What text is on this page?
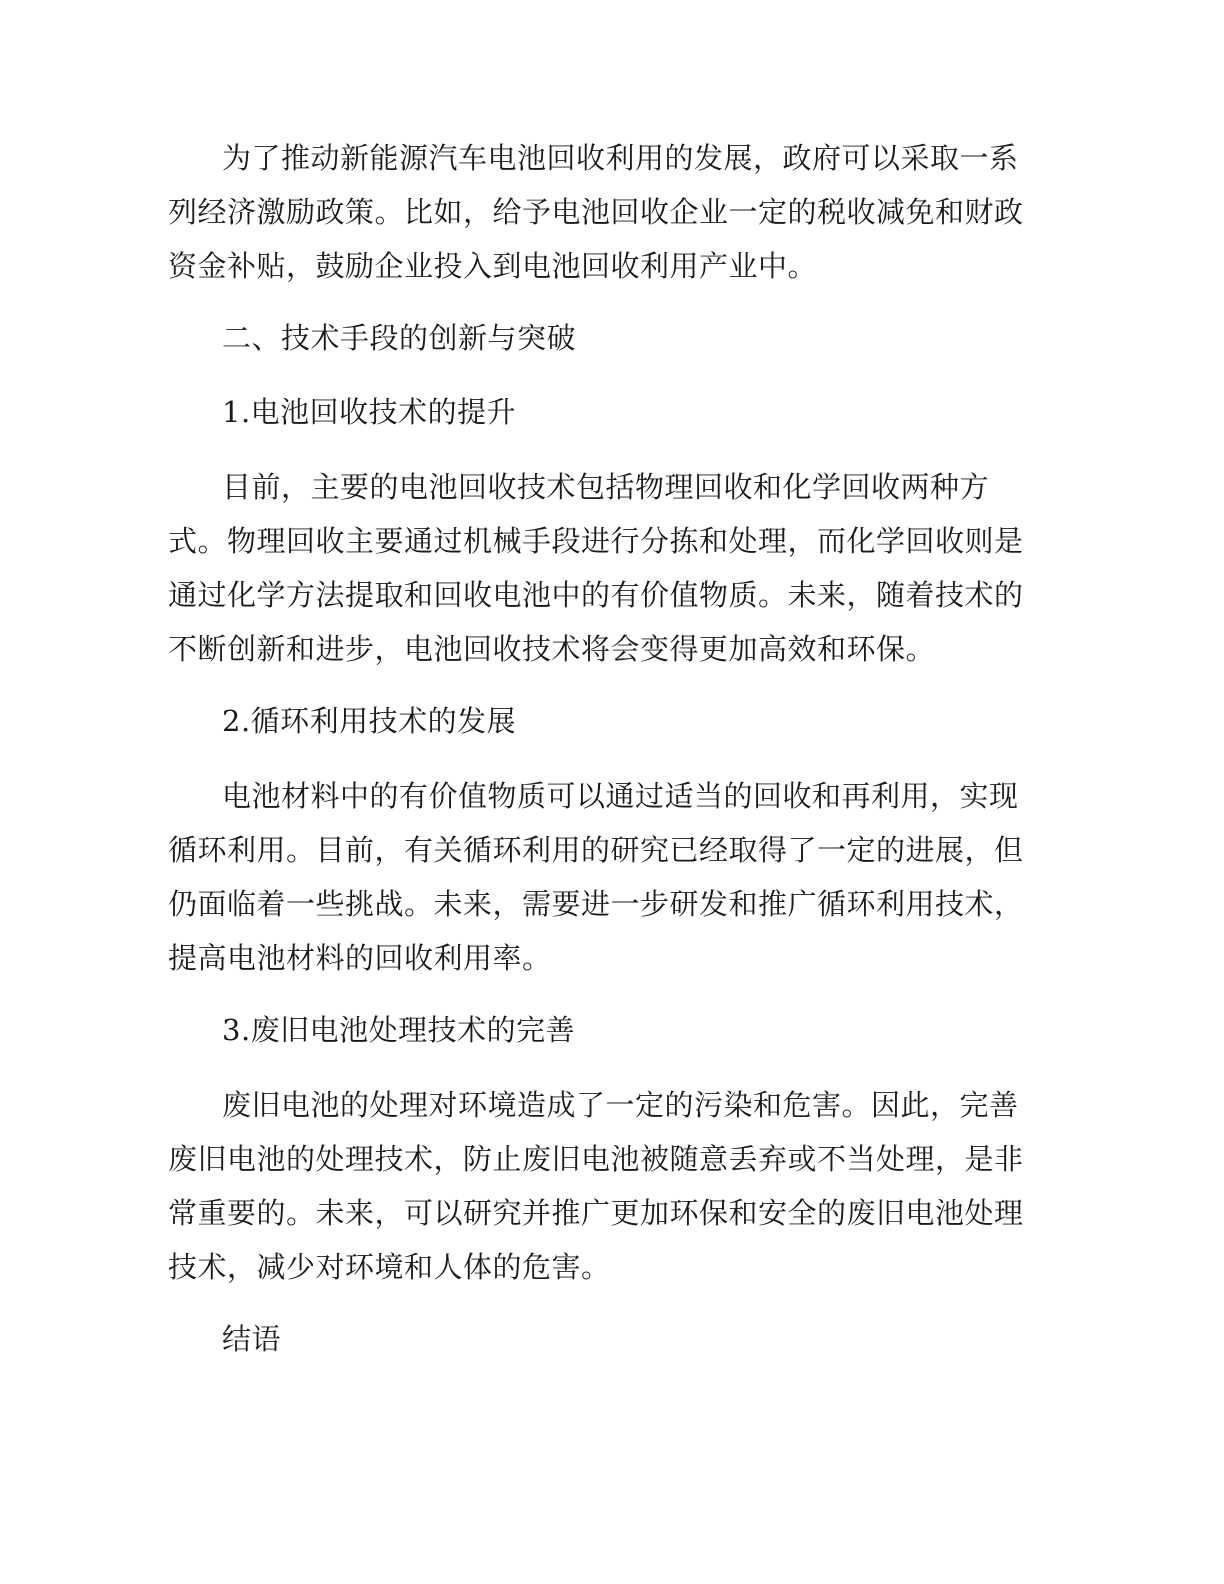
为了推动新能源汽车电池回收利用的发展，政府可以采取一系列经济激励政策。比如，给予电池回收企业一定的税收减免和财政资金补贴，鼓励企业投入到电池回收利用产业中。

二、技术手段的创新与突破

1.电池回收技术的提升

目前，主要的电池回收技术包括物理回收和化学回收两种方式。物理回收主要通过机械手段进行分拣和处理，而化学回收则是通过化学方法提取和回收电池中的有价值物质。未来，随着技术的不断创新和进步，电池回收技术将会变得更加高效和环保。

2.循环利用技术的发展

电池材料中的有价值物质可以通过适当的回收和再利用，实现循环利用。目前，有关循环利用的研究已经取得了一定的进展，但仍面临着一些挑战。未来，需要进一步研发和推广循环利用技术，提高电池材料的回收利用率。

3.废旧电池处理技术的完善

废旧电池的处理对环境造成了一定的污染和危害。因此，完善废旧电池的处理技术，防止废旧电池被随意丢弃或不当处理，是非常重要的。未来，可以研究并推广更加环保和安全的废旧电池处理技术，减少对环境和人体的危害。

结语
